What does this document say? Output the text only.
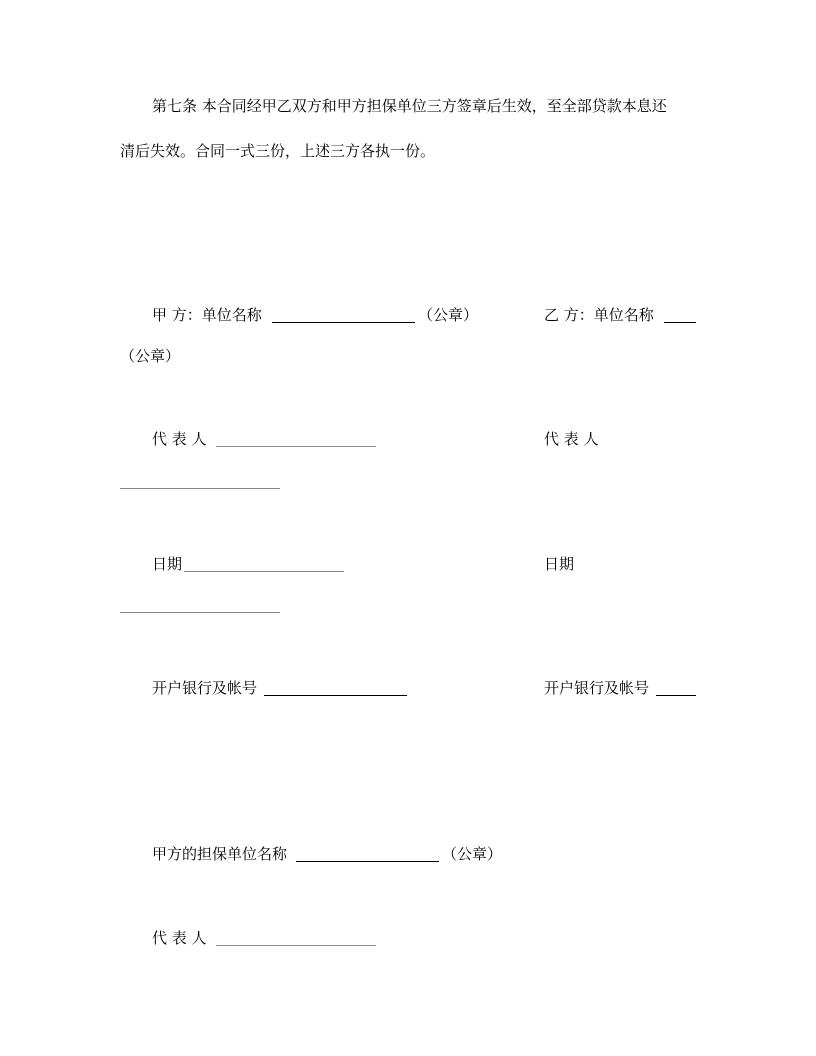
第七条 本合同经甲乙双方和甲方担保单位三方签章后生效，至全部贷款本息还
清后失效。合同一式三份，上述三方各执一份。
甲 方：单位名称	（公章）	乙 方：单位名称
（公章）
代 表 人	代 表 人
日期	日期
开户银行及帐号	开户银行及帐号
甲方的担保单位名称	（公章）
代 表 人
